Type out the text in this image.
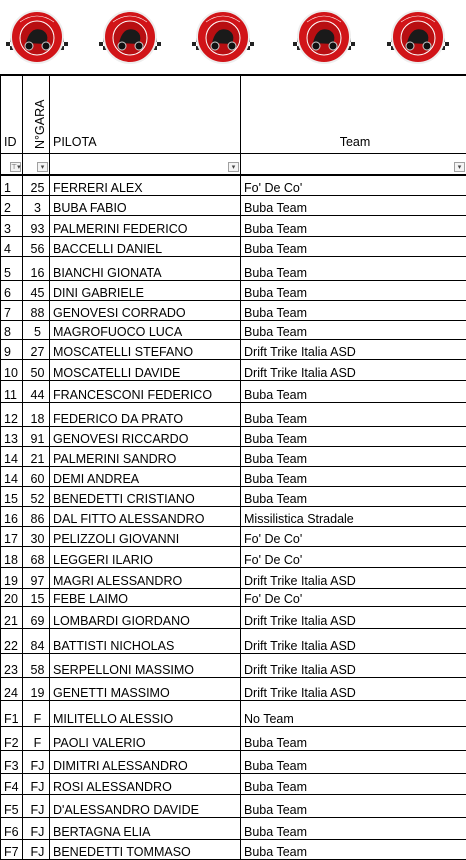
ID	N°GARA	PILOTA	Team

⊤▾	▾	▾	▾

1	25	FERRERI ALEX	Fo' De Co'
2	3	BUBA FABIO	Buba Team
3	93	PALMERINI FEDERICO	Buba Team
4	56	BACCELLI DANIEL	Buba Team
5	16	BIANCHI GIONATA	Buba Team
6	45	DINI GABRIELE	Buba Team
7	88	GENOVESI CORRADO	Buba Team
8	5	MAGROFUOCO LUCA	Buba Team
9	27	MOSCATELLI STEFANO	Drift Trike Italia ASD
10	50	MOSCATELLI DAVIDE	Drift Trike Italia ASD
11	44	FRANCESCONI FEDERICO	Buba Team
12	18	FEDERICO DA PRATO	Buba Team
13	91	GENOVESI RICCARDO	Buba Team
14	21	PALMERINI SANDRO	Buba Team
14	60	DEMI ANDREA	Buba Team
15	52	BENEDETTI CRISTIANO	Buba Team
16	86	DAL FITTO ALESSANDRO	Missilistica Stradale
17	30	PELIZZOLI GIOVANNI	Fo' De Co'
18	68	LEGGERI ILARIO	Fo' De Co'
19	97	MAGRI ALESSANDRO	Drift Trike Italia ASD
20	15	FEBE LAIMO	Fo' De Co'
21	69	LOMBARDI GIORDANO	Drift Trike Italia ASD
22	84	BATTISTI NICHOLAS	Drift Trike Italia ASD
23	58	SERPELLONI MASSIMO	Drift Trike Italia ASD
24	19	GENETTI MASSIMO	Drift Trike Italia ASD
F1	F	MILITELLO ALESSIO	No Team
F2	F	PAOLI VALERIO	Buba Team
F3	FJ	DIMITRI ALESSANDRO	Buba Team
F4	FJ	ROSI ALESSANDRO	Buba Team
F5	FJ	D'ALESSANDRO DAVIDE	Buba Team
F6	FJ	BERTAGNA ELIA	Buba Team
F7	FJ	BENEDETTI TOMMASO	Buba Team
